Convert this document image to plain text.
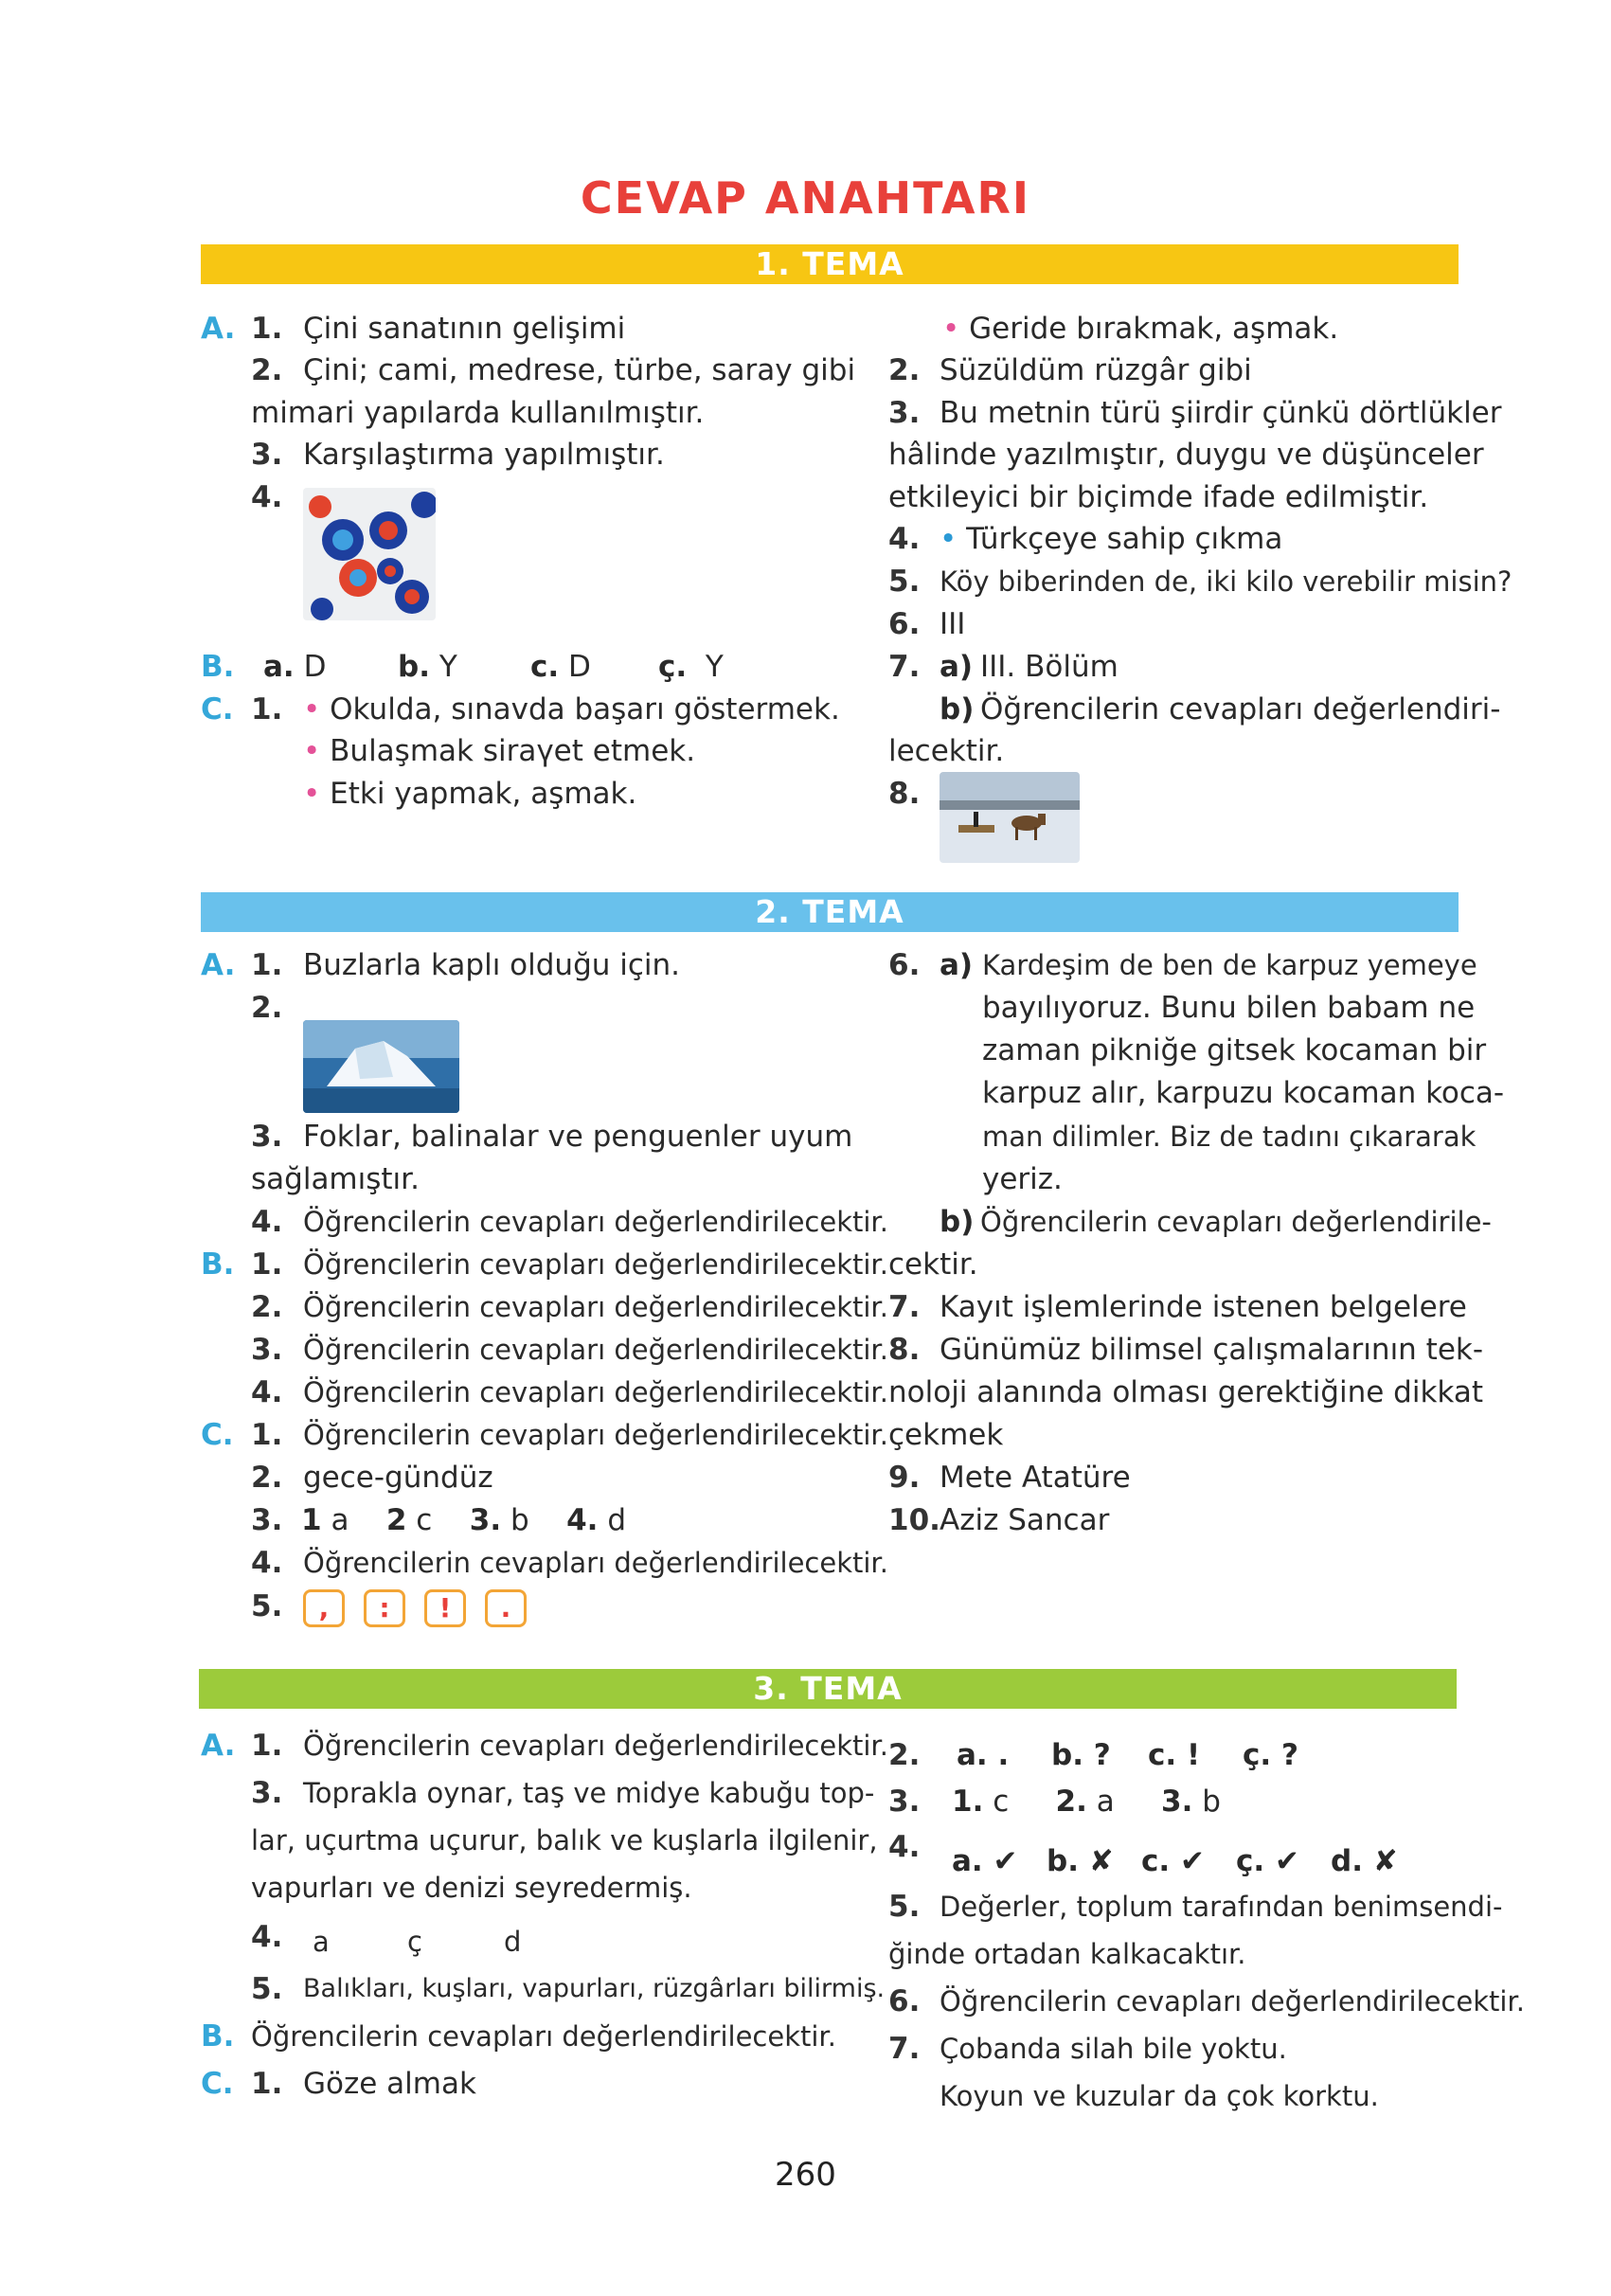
CEVAP ANAHTARI
1. TEMA
A. 1. Çini sanatının gelişimi
2. Çini; cami, medrese, türbe, saray gibi
mimari yapılarda kullanılmıştır.
3. Karşılaştırma yapılmıştır.
4.
B. a. D b. Y c. D ç. Y
C. 1. • Okulda, sınavda başarı göstermek.
• Bulaşmak siraүet etmek.
• Etki yapmak, aşmak.
• Geride bırakmak, aşmak.
2. Süzüldüm rüzgâr gibi
3. Bu metnin türü şiirdir çünkü dörtlükler
hâlinde yazılmıştır, duygu ve düşünceler
etkileyici bir biçimde ifade edilmiştir.
4. • Türkçeye sahip çıkma
5. Köy biberinden de, iki kilo verebilir misin?
6. III
7. a) III. Bölüm
b) Öğrencilerin cevapları değerlendiri-
lecektir.
8.
2. TEMA
A. 1. Buzlarla kaplı olduğu için.
2.
3. Foklar, balinalar ve penguenler uyum
sağlamıştır.
4. Öğrencilerin cevapları değerlendirilecektir.
B. 1. Öğrencilerin cevapları değerlendirilecektir.
2. Öğrencilerin cevapları değerlendirilecektir.
3. Öğrencilerin cevapları değerlendirilecektir.
4. Öğrencilerin cevapları değerlendirilecektir.
C. 1. Öğrencilerin cevapları değerlendirilecektir.
2. gece-gündüz
3. 1 a 2 c 3. b 4. d
4. Öğrencilerin cevapları değerlendirilecektir.
5.	,	:	!	.
6. a) Kardeşim de ben de karpuz yemeye
bayılıyoruz. Bunu bilen babam ne
zaman pikniğe gitsek kocaman bir
karpuz alır, karpuzu kocaman koca-
man dilimler. Biz de tadını çıkararak
yeriz.
b) Öğrencilerin cevapları değerlendirile-
cektir.
7. Kayıt işlemlerinde istenen belgelere
8. Günümüz bilimsel çalışmalarının tek-
noloji alanında olması gerektiğine dikkat
çekmek
9. Mete Atatüre
10. Aziz Sancar
3. TEMA
A. 1. Öğrencilerin cevapları değerlendirilecektir.
3. Toprakla oynar, taş ve midye kabuğu top-
lar, uçurtma uçurur, balık ve kuşlarla ilgilenir,
vapurları ve denizi seyredermiş.
4. a	ç	d
5. Balıkları, kuşları, vapurları, rüzgârları bilirmiş.
B. Öğrencilerin cevapları değerlendirilecektir.
C. 1. Göze almak
2. a. . b. ? c. ! ç. ?
3. 1. c 2. a 3. b
4. a. ✔ b. ✘ c. ✔ ç. ✔ d. ✘
5. Değerler, toplum tarafından benimsendi-
ğinde ortadan kalkacaktır.
6. Öğrencilerin cevapları değerlendirilecektir.
7. Çobanda silah bile yoktu.
Koyun ve kuzular da çok korktu.
260
